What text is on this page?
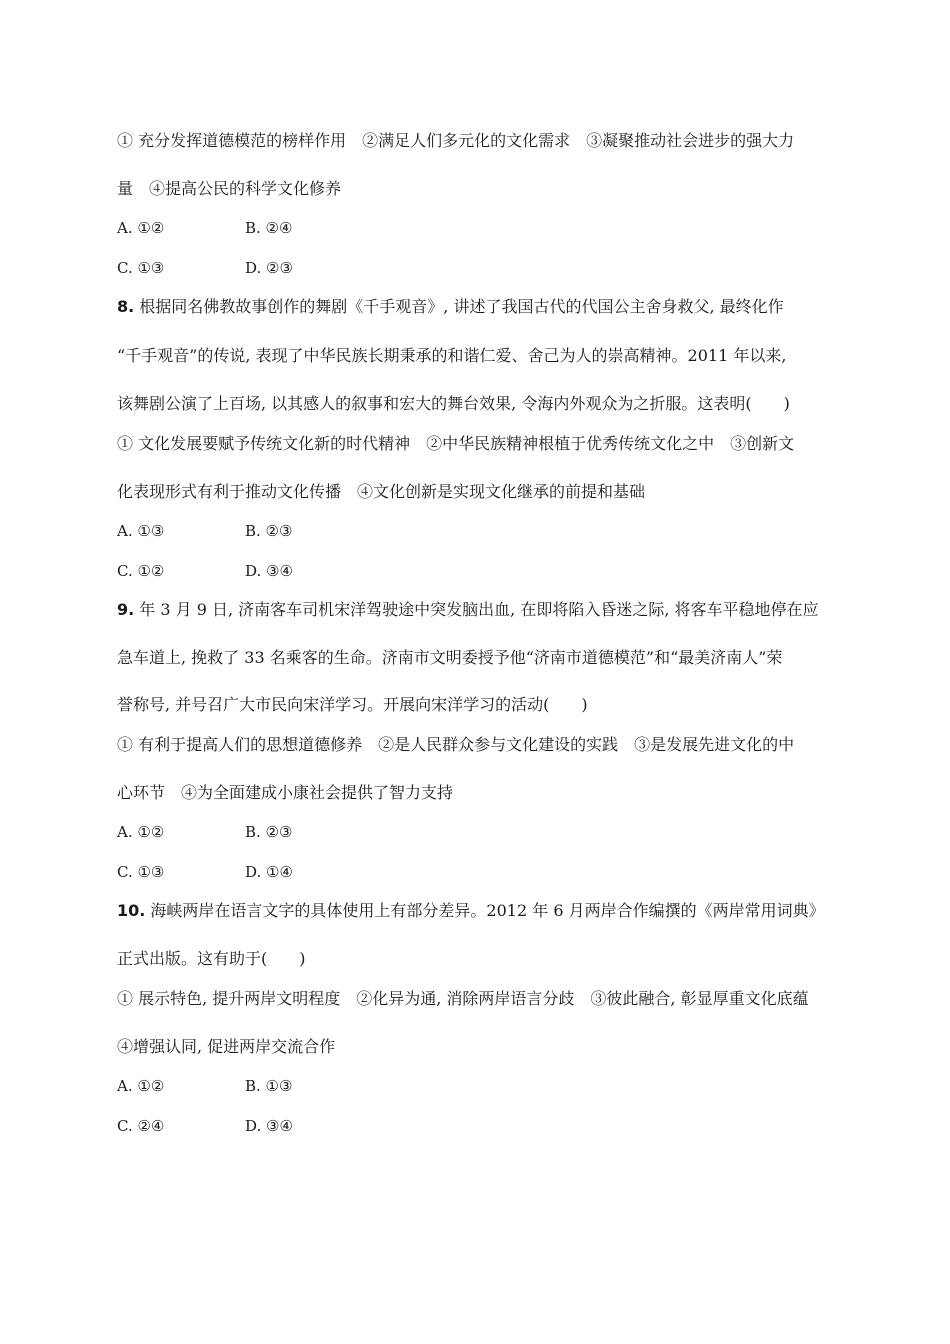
① 充分发挥道德模范的榜样作用　②满足人们多元化的文化需求　③凝聚推动社会进步的强大力
量　④提高公民的科学文化修养
A. ①②	B. ②④
C. ①③	D. ②③
8. 根据同名佛教故事创作的舞剧《千手观音》, 讲述了我国古代的代国公主舍身救父, 最终化作
“千手观音”的传说, 表现了中华民族长期秉承的和谐仁爱、舍己为人的崇高精神。2011 年以来,
该舞剧公演了上百场, 以其感人的叙事和宏大的舞台效果, 令海内外观众为之折服。这表明(　　)
① 文化发展要赋予传统文化新的时代精神　②中华民族精神根植于优秀传统文化之中　③创新文
化表现形式有利于推动文化传播　④文化创新是实现文化继承的前提和基础
A. ①③	B. ②③
C. ①②	D. ③④
9. 年 3 月 9 日, 济南客车司机宋洋驾驶途中突发脑出血, 在即将陷入昏迷之际, 将客车平稳地停在应
急车道上, 挽救了 33 名乘客的生命。济南市文明委授予他“济南市道德模范”和“最美济南人”荣
誉称号, 并号召广大市民向宋洋学习。开展向宋洋学习的活动(　　)
① 有利于提高人们的思想道德修养　②是人民群众参与文化建设的实践　③是发展先进文化的中
心环节　④为全面建成小康社会提供了智力支持
A. ①②	B. ②③
C. ①③	D. ①④
10. 海峡两岸在语言文字的具体使用上有部分差异。2012 年 6 月两岸合作编撰的《两岸常用词典》
正式出版。这有助于(　　)
① 展示特色, 提升两岸文明程度　②化异为通, 消除两岸语言分歧　③彼此融合, 彰显厚重文化底蕴
④增强认同, 促进两岸交流合作
A. ①②	B. ①③
C. ②④	D. ③④
